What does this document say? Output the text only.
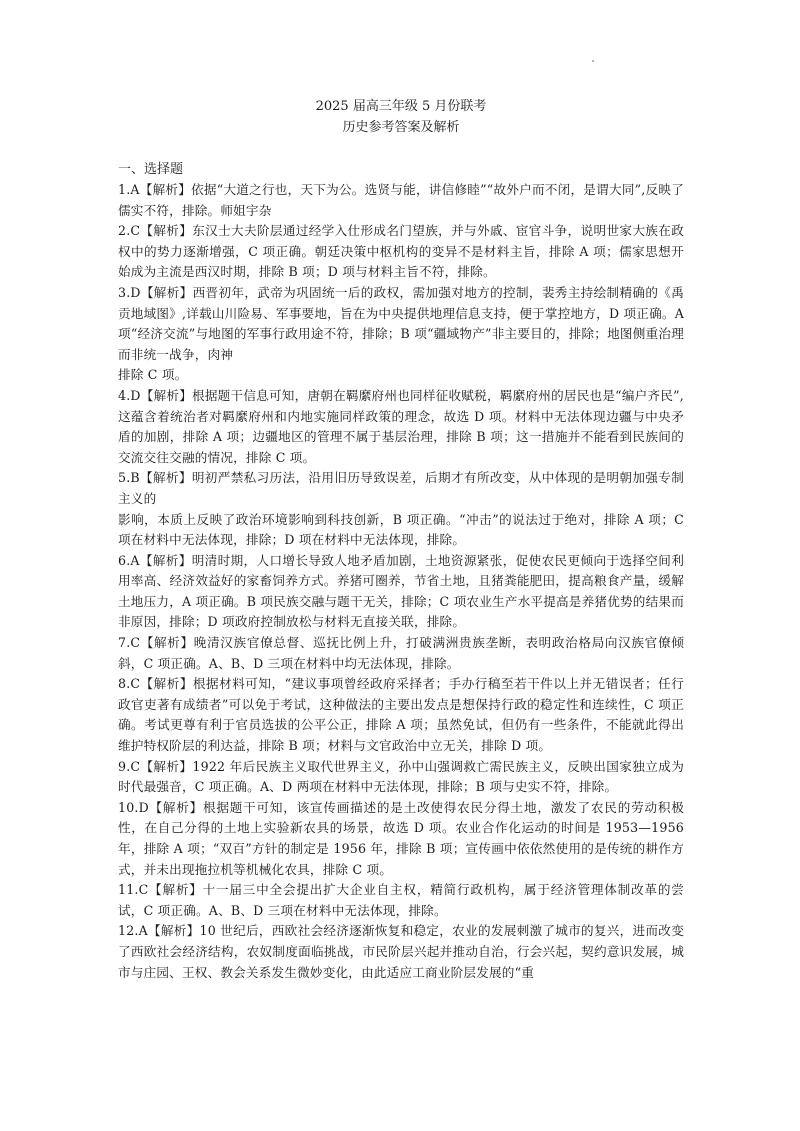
2025 届高三年级 5 月份联考

历史参考答案及解析

一、选择题

1.A【解析】依据“大道之行也，天下为公。选贤与能，讲信修睦”“故外户而不闭，是谓大同”,反映了儒实不符，排除。师姐宇杂

2.C【解析】东汉士大夫阶层通过经学入仕形成名门望族，并与外戚、宦官斗争，说明世家大族在政权中的势力逐渐增强，C 项正确。朝廷决策中枢机构的变异不是材料主旨，排除 A 项；儒家思想开始成为主流是西汉时期，排除 B 项；D 项与材料主旨不符，排除。

3.D【解析】西晋初年，武帝为巩固统一后的政权，需加强对地方的控制，裴秀主持绘制精确的《禹贡地域图》,详载山川险易、军事要地，旨在为中央提供地理信息支持，便于掌控地方，D 项正确。A 项“经济交流”与地图的军事行政用途不符，排除；B 项“疆域物产”非主要目的，排除；地图侧重治理而非统一战争，肉神

排除 C 项。

4.D【解析】根据题干信息可知，唐朝在羁縻府州也同样征收赋税，羁縻府州的居民也是“编户齐民”,这蕴含着统治者对羁縻府州和内地实施同样政策的理念，故选 D 项。材料中无法体现边疆与中央矛盾的加剧，排除 A 项；边疆地区的管理不属于基层治理，排除 B 项；这一措施并不能看到民族间的交流交往交融的情况，排除 C 项。

5.B【解析】明初严禁私习历法，沿用旧历导致误差，后期才有所改变，从中体现的是明朝加强专制主义的

影响，本质上反映了政治环境影响到科技创新，B 项正确。“冲击”的说法过于绝对，排除 A 项；C 项在材料中无法体现，排除；D 项在材料中无法体现，排除。

6.A【解析】明清时期，人口增长导致人地矛盾加剧，土地资源紧张，促使农民更倾向于选择空间利用率高、经济效益好的家畜饲养方式。养猪可圈养，节省土地，且猪粪能肥田，提高粮食产量，缓解土地压力，A 项正确。B 项民族交融与题干无关，排除；C 项农业生产水平提高是养猪优势的结果而非原因，排除；D 项政府控制放松与材料无直接关联，排除。

7.C【解析】晚清汉族官僚总督、巡抚比例上升，打破满洲贵族垄断，表明政治格局向汉族官僚倾斜，C 项正确。A、B、D 三项在材料中均无法体现，排除。

8.C【解析】根据材料可知，“建议事项曾经政府采择者；手办行稿至若干件以上并无错误者；任行政官吏著有成绩者”可以免于考试，这种做法的主要出发点是想保持行政的稳定性和连续性，C 项正确。考试更尊有利于官员选拔的公平公正，排除 A 项；虽然免试，但仍有一些条件，不能就此得出维护特权阶层的利达益，排除 B 项；材料与文官政治中立无关，排除 D 项。

9.C【解析】1922 年后民族主义取代世界主义，孙中山强调救亡需民族主义，反映出国家独立成为时代最强音，C 项正确。A、D 两项在材料中无法体现，排除；B 项与史实不符，排除。

10.D【解析】根据题干可知，该宣传画描述的是土改使得农民分得土地，激发了农民的劳动积极性，在自己分得的土地上实验新农具的场景，故选 D 项。农业合作化运动的时间是 1953—1956 年，排除 A 项；“双百”方针的制定是 1956 年，排除 B 项；宣传画中依依然使用的是传统的耕作方式，并未出现拖拉机等机械化农具，排除 C 项。

11.C【解析】十一届三中全会提出扩大企业自主权，精简行政机构，属于经济管理体制改革的尝试，C 项正确。A、B、D 三项在材料中无法体现，排除。

12.A【解析】10 世纪后，西欧社会经济逐渐恢复和稳定，农业的发展刺激了城市的复兴，进而改变了西欧社会经济结构，农奴制度面临挑战，市民阶层兴起并推动自治，行会兴起，契约意识发展，城市与庄园、王权、教会关系发生微妙变化，由此适应工商业阶层发展的“重
